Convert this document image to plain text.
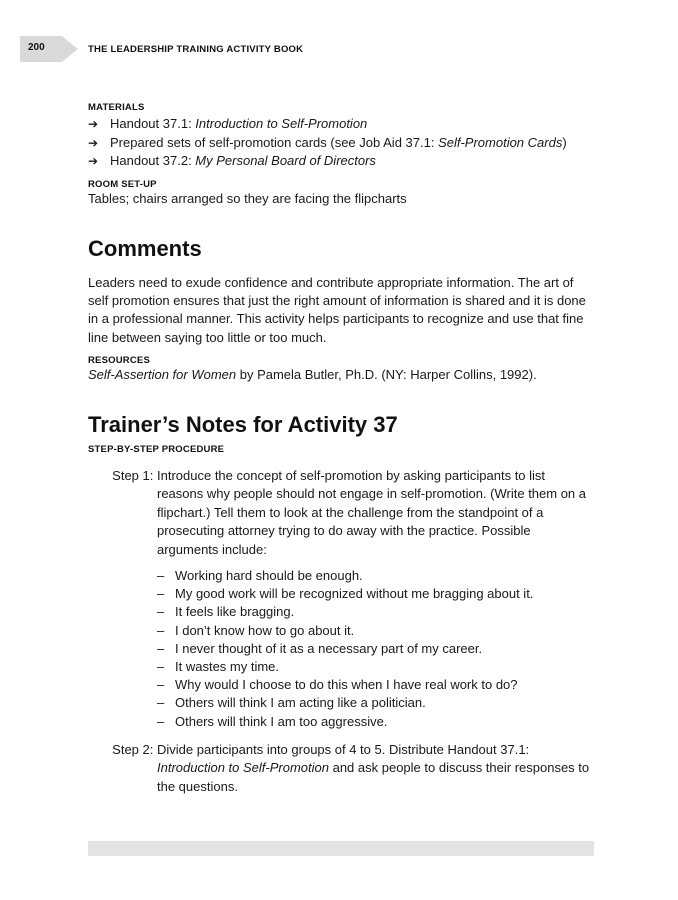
200	THE LEADERSHIP TRAINING ACTIVITY BOOK
MATERIALS
➔ Handout 37.1: Introduction to Self-Promotion
➔ Prepared sets of self-promotion cards (see Job Aid 37.1: Self-Promotion Cards)
➔ Handout 37.2: My Personal Board of Directors
ROOM SET-UP
Tables; chairs arranged so they are facing the flipcharts
Comments
Leaders need to exude confidence and contribute appropriate information. The art of self promotion ensures that just the right amount of information is shared and it is done in a professional manner. This activity helps participants to recognize and use that fine line between saying too little or too much.
RESOURCES
Self-Assertion for Women by Pamela Butler, Ph.D. (NY: Harper Collins, 1992).
Trainer’s Notes for Activity 37
STEP-BY-STEP PROCEDURE
Step 1: Introduce the concept of self-promotion by asking participants to list reasons why people should not engage in self-promotion. (Write them on a flipchart.) Tell them to look at the challenge from the standpoint of a prosecuting attorney trying to do away with the practice. Possible arguments include:
– Working hard should be enough.
– My good work will be recognized without me bragging about it.
– It feels like bragging.
– I don’t know how to go about it.
– I never thought of it as a necessary part of my career.
– It wastes my time.
– Why would I choose to do this when I have real work to do?
– Others will think I am acting like a politician.
– Others will think I am too aggressive.
Step 2: Divide participants into groups of 4 to 5. Distribute Handout 37.1: Introduction to Self-Promotion and ask people to discuss their responses to the questions.
